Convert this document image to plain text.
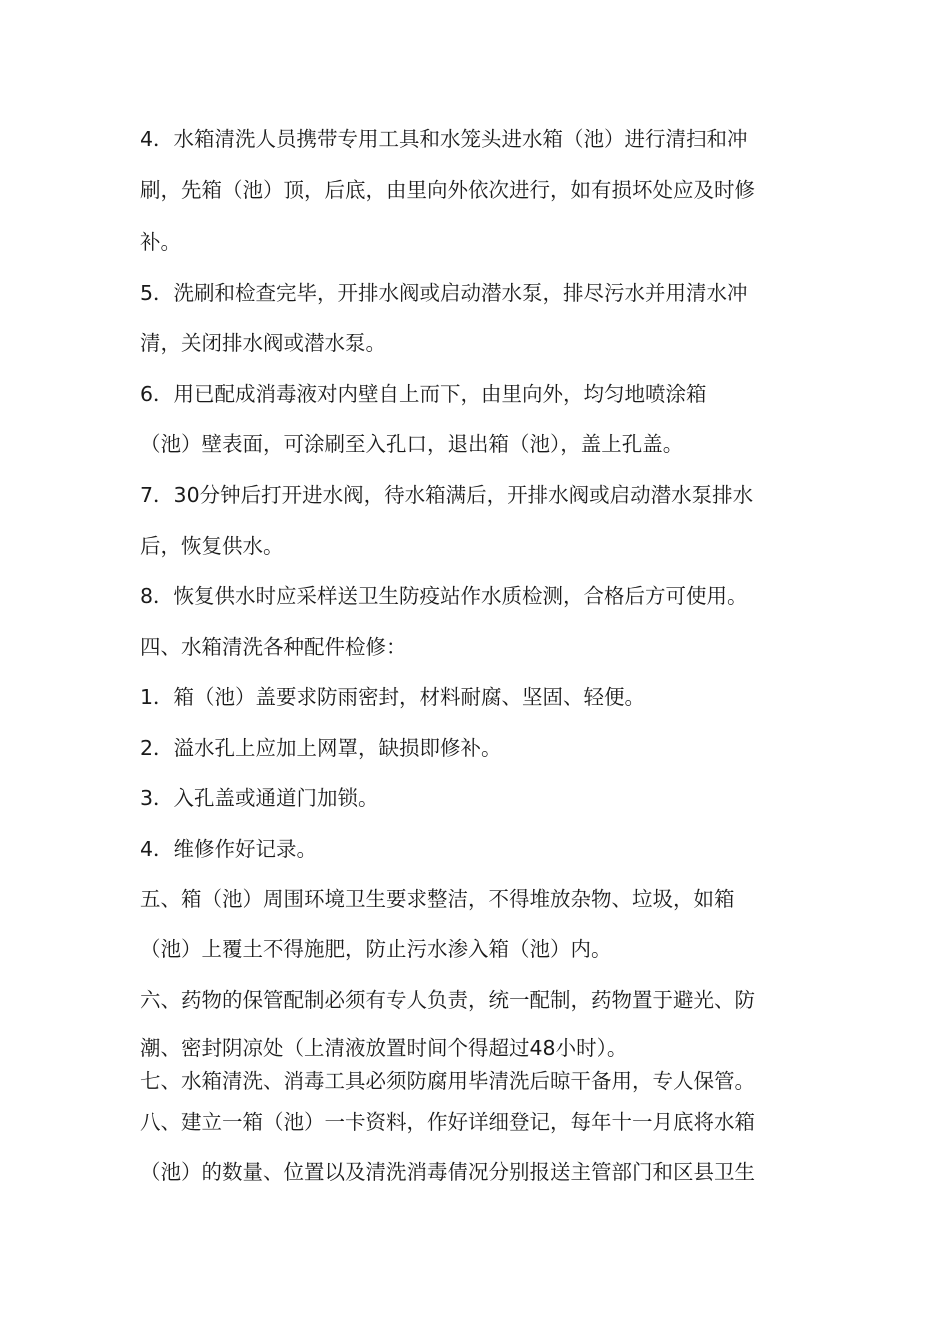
4．水箱清洗人员携带专用工具和水笼头进水箱（池）进行清扫和冲
刷，先箱（池）顶，后底，由里向外依次进行，如有损坏处应及时修
补。
5．洗刷和检查完毕，开排水阀或启动潜水泵，排尽污水并用清水冲
清，关闭排水阀或潜水泵。
6．用已配成消毒液对内壁自上而下，由里向外，均匀地喷涂箱
（池）壁表面，可涂刷至入孔口，退出箱（池），盖上孔盖。
7．30分钟后打开进水阀，待水箱满后，开排水阀或启动潜水泵排水
后，恢复供水。
8．恢复供水时应采样送卫生防疫站作水质检测，合格后方可使用。
四、水箱清洗各种配件检修：
1．箱（池）盖要求防雨密封，材料耐腐、坚固、轻便。
2．溢水孔上应加上网罩，缺损即修补。
3．入孔盖或通道门加锁。
4．维修作好记录。
五、箱（池）周围环境卫生要求整洁，不得堆放杂物、垃圾，如箱
（池）上覆土不得施肥，防止污水渗入箱（池）内。
六、药物的保管配制必须有专人负责，统一配制，药物置于避光、防
潮、密封阴凉处（上清液放置时间个得超过48小时）。
七、水箱清洗、消毒工具必须防腐用毕清洗后晾干备用，专人保管。
八、建立一箱（池）一卡资料，作好详细登记，每年十一月底将水箱
（池）的数量、位置以及清洗消毒倩况分别报送主管部门和区县卫生
